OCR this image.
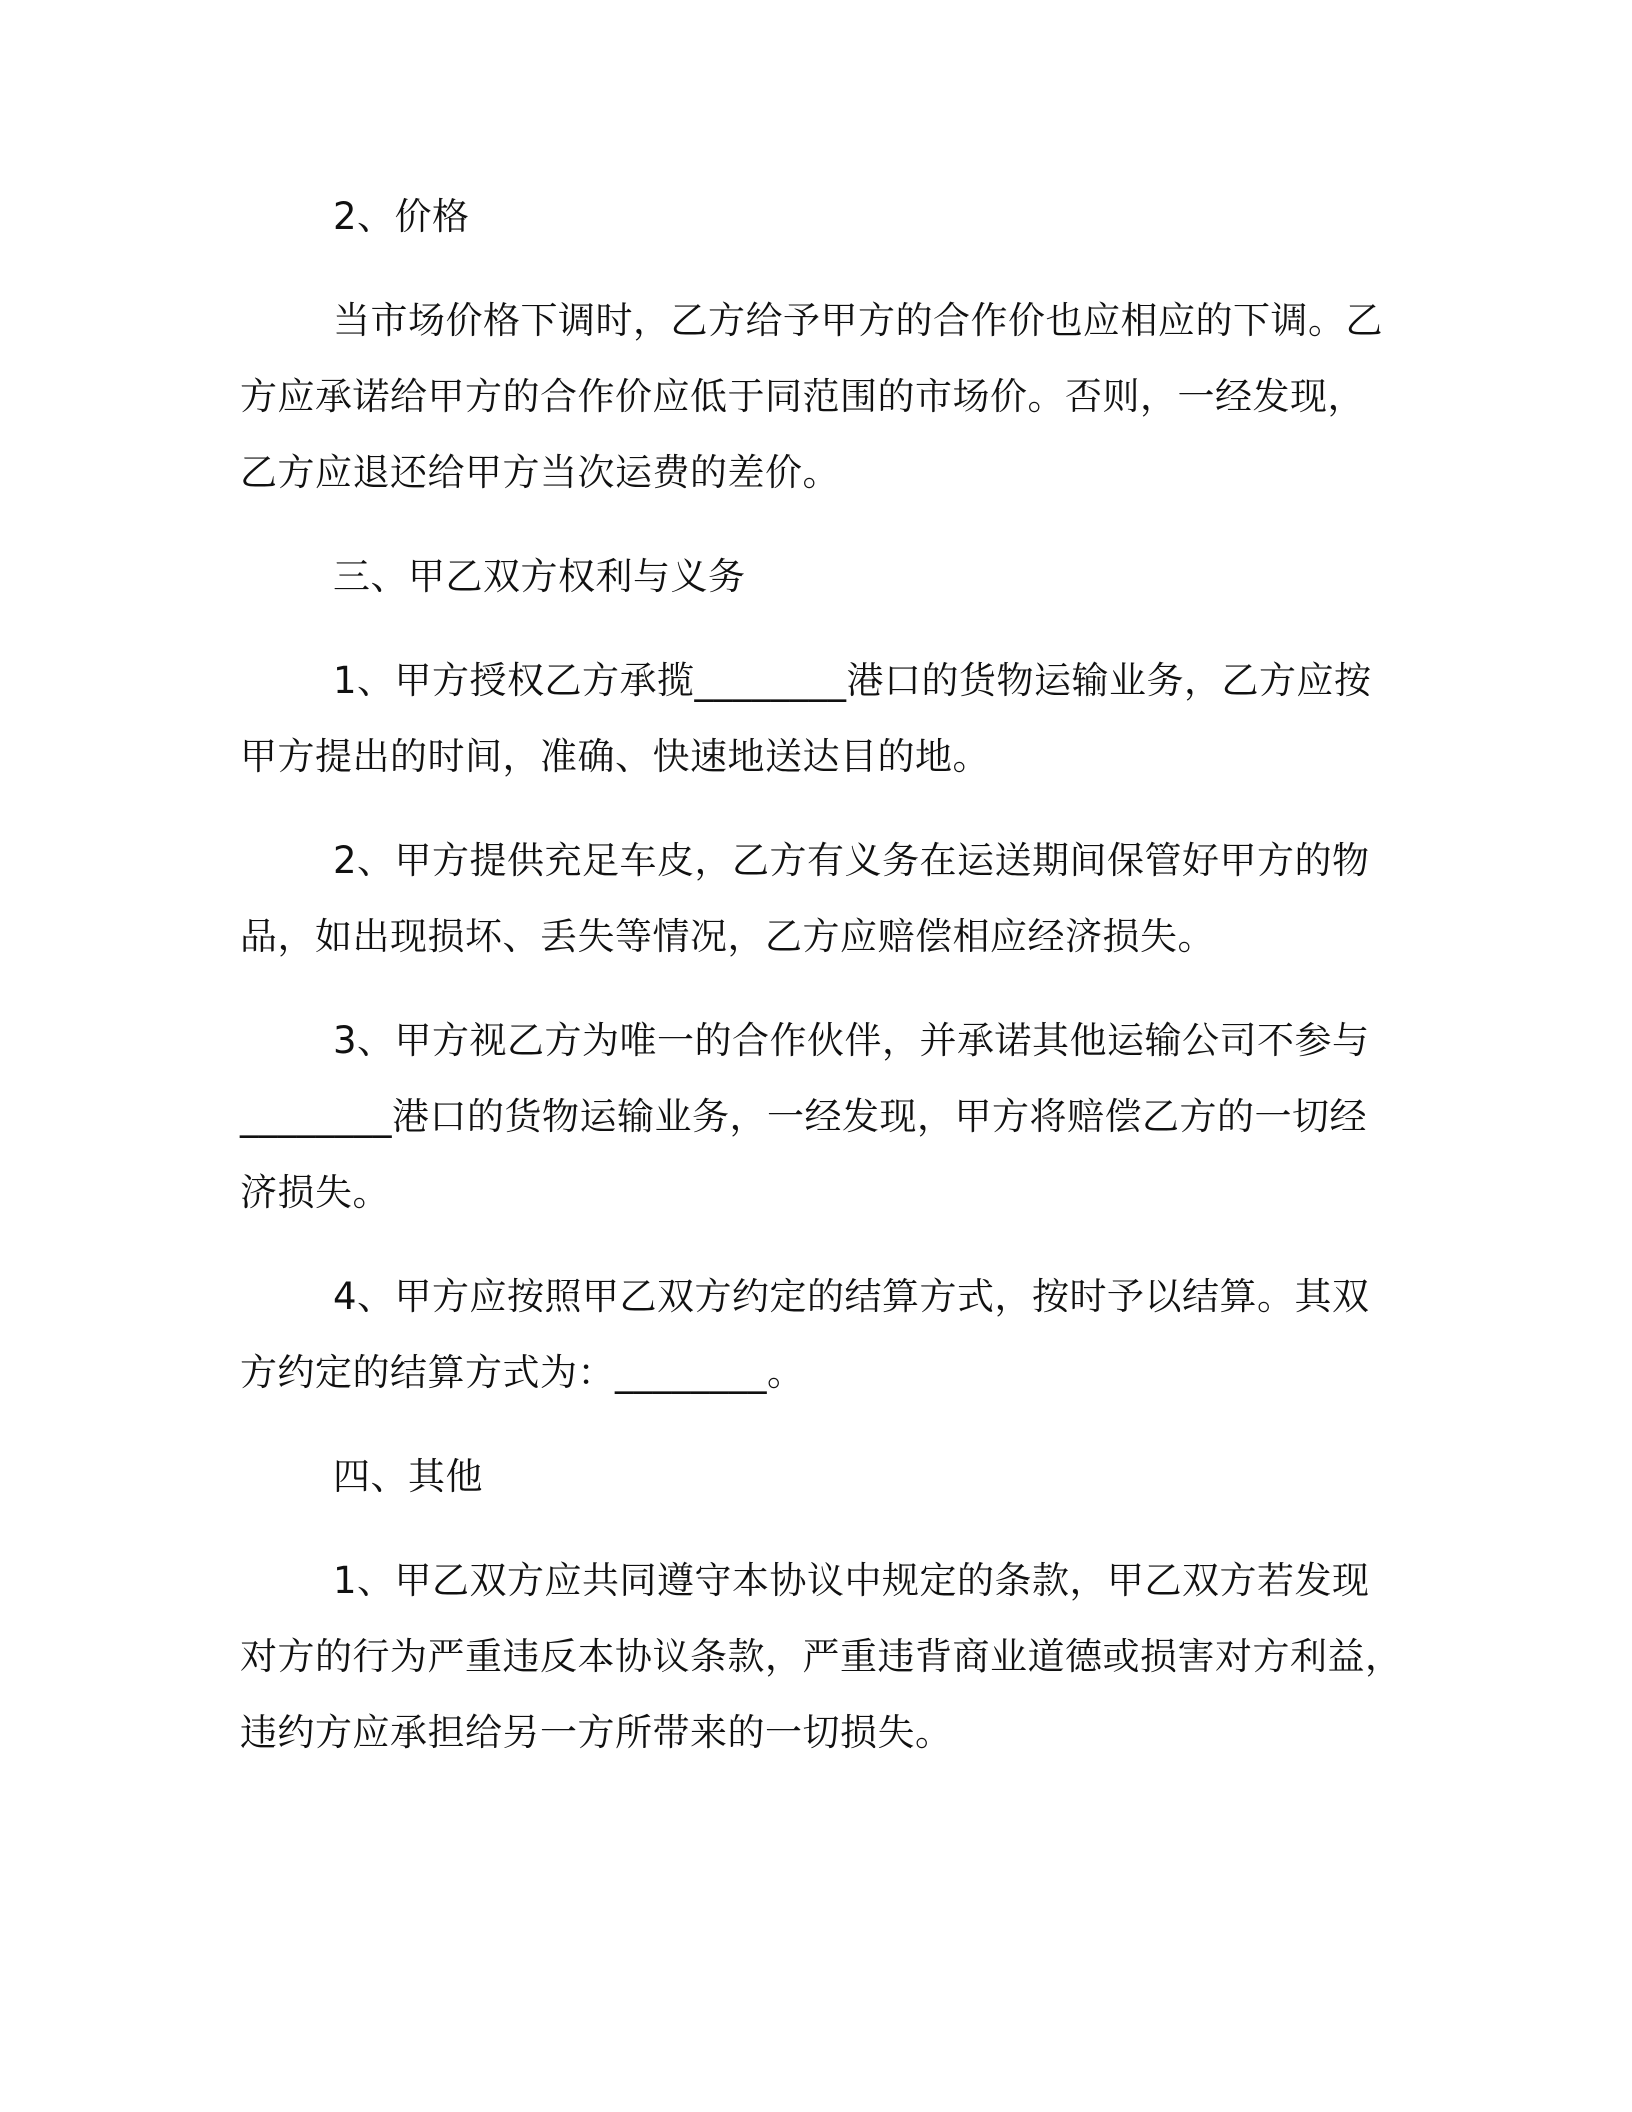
2、价格
当市场价格下调时，乙方给予甲方的合作价也应相应的下调。乙
方应承诺给甲方的合作价应低于同范围的市场价。否则，一经发现，
乙方应退还给甲方当次运费的差价。
三、甲乙双方权利与义务
1、甲方授权乙方承揽________港口的货物运输业务，乙方应按
甲方提出的时间，准确、快速地送达目的地。
2、甲方提供充足车皮，乙方有义务在运送期间保管好甲方的物
品，如出现损坏、丢失等情况，乙方应赔偿相应经济损失。
3、甲方视乙方为唯一的合作伙伴，并承诺其他运输公司不参与
________港口的货物运输业务，一经发现，甲方将赔偿乙方的一切经
济损失。
4、甲方应按照甲乙双方约定的结算方式，按时予以结算。其双
方约定的结算方式为：________。
四、其他
1、甲乙双方应共同遵守本协议中规定的条款，甲乙双方若发现
对方的行为严重违反本协议条款，严重违背商业道德或损害对方利益，
违约方应承担给另一方所带来的一切损失。
